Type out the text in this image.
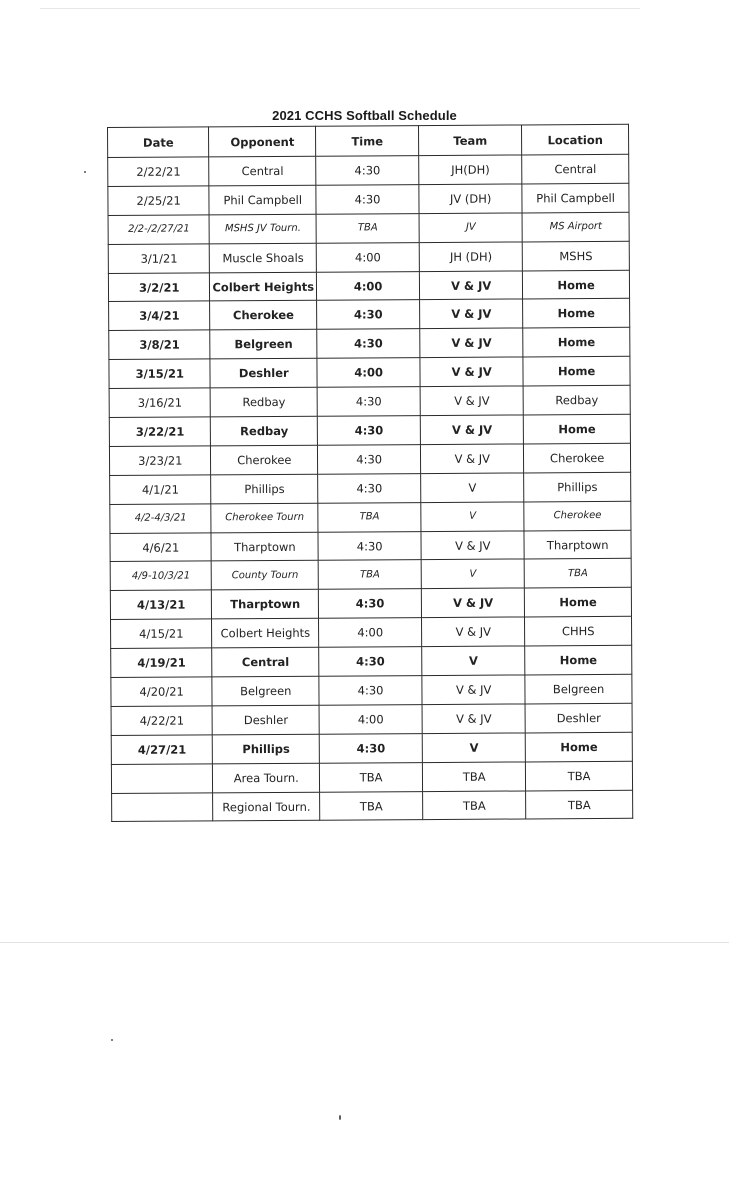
2021 CCHS Softball Schedule
Date	Opponent	Time	Team	Location
2/22/21	Central	4:30	JH(DH)	Central
2/25/21	Phil Campbell	4:30	JV (DH)	Phil Campbell
2/2-/2/27/21	MSHS JV Tourn.	TBA	JV	MS Airport
3/1/21	Muscle Shoals	4:00	JH (DH)	MSHS
3/2/21	Colbert Heights	4:00	V & JV	Home
3/4/21	Cherokee	4:30	V & JV	Home
3/8/21	Belgreen	4:30	V & JV	Home
3/15/21	Deshler	4:00	V & JV	Home
3/16/21	Redbay	4:30	V & JV	Redbay
3/22/21	Redbay	4:30	V & JV	Home
3/23/21	Cherokee	4:30	V & JV	Cherokee
4/1/21	Phillips	4:30	V	Phillips
4/2-4/3/21	Cherokee Tourn	TBA	V	Cherokee
4/6/21	Tharptown	4:30	V & JV	Tharptown
4/9-10/3/21	County Tourn	TBA	V	TBA
4/13/21	Tharptown	4:30	V & JV	Home
4/15/21	Colbert Heights	4:00	V & JV	CHHS
4/19/21	Central	4:30	V	Home
4/20/21	Belgreen	4:30	V & JV	Belgreen
4/22/21	Deshler	4:00	V & JV	Deshler
4/27/21	Phillips	4:30	V	Home
	Area Tourn.	TBA	TBA	TBA
	Regional Tourn.	TBA	TBA	TBA
